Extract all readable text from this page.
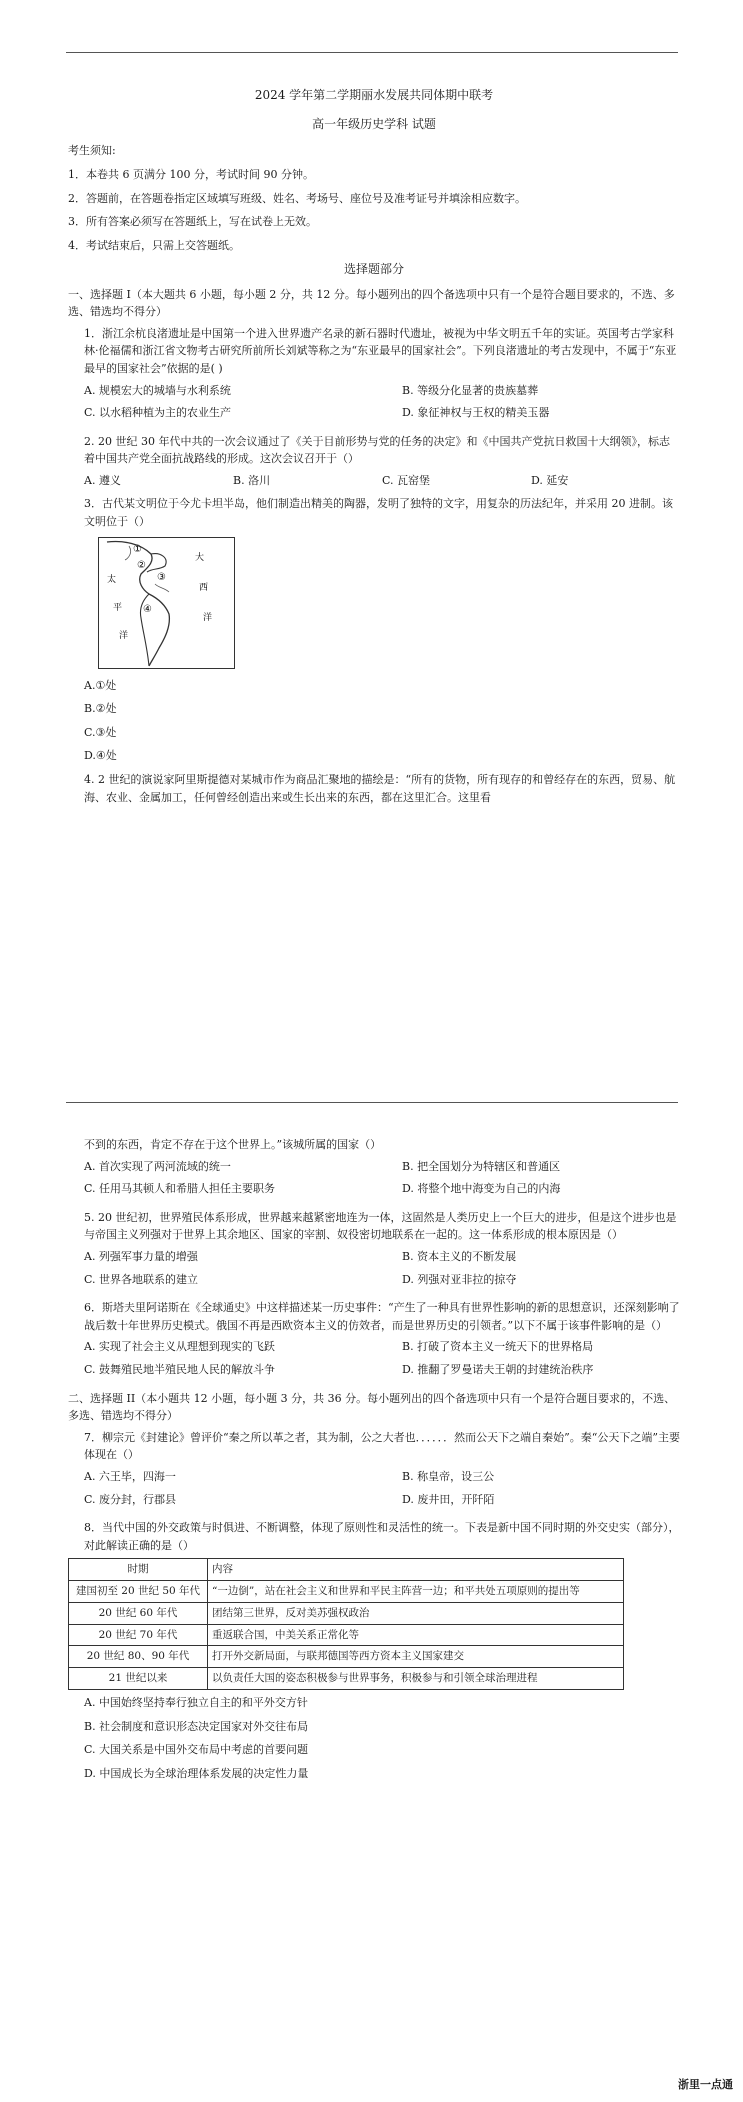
2024 学年第二学期丽水发展共同体期中联考

高一年级历史学科 试题

考生须知:

1．本卷共 6 页满分 100 分，考试时间 90 分钟。

2．答题前，在答题卷指定区域填写班级、姓名、考场号、座位号及准考证号并填涂相应数字。

3．所有答案必须写在答题纸上，写在试卷上无效。

4．考试结束后，只需上交答题纸。

选择题部分

一、选择题 I（本大题共 6 小题，每小题 2 分，共 12 分。每小题列出的四个备选项中只有一个是符合题目要求的，不选、多选、错选均不得分）

1．浙江余杭良渚遗址是中国第一个进入世界遗产名录的新石器时代遗址，被视为中华文明五千年的实证。英国考古学家科林·伦福儒和浙江省文物考古研究所前所长刘斌等称之为“东亚最早的国家社会”。下列良渚遗址的考古发现中，不属于“东亚最早的国家社会”依据的是( )

A. 规模宏大的城墙与水利系统	B. 等级分化显著的贵族墓葬
C. 以水稻种植为主的农业生产	D. 象征神权与王权的精美玉器

2. 20 世纪 30 年代中共的一次会议通过了《关于目前形势与党的任务的决定》和《中国共产党抗日救国十大纲领》，标志着中国共产党全面抗战路线的形成。这次会议召开于（）

A. 遵义	B. 洛川	C. 瓦窑堡	D. 延安

3．古代某文明位于今尤卡坦半岛，他们制造出精美的陶器，发明了独特的文字，用复杂的历法纪年，并采用 20 进制。该文明位于（）

大
西
洋
太
平
洋
①
②
③
④
A.①处
B.②处
C.③处
D.④处

4. 2 世纪的演说家阿里斯提德对某城市作为商品汇聚地的描绘是：“所有的货物，所有现存的和曾经存在的东西，贸易、航海、农业、金属加工，任何曾经创造出来或生长出来的东西，都在这里汇合。这里看

不到的东西，肯定不存在于这个世界上。”该城所属的国家（）

A. 首次实现了两河流域的统一	B. 把全国划分为特辖区和普通区
C. 任用马其顿人和希腊人担任主要职务	D. 将整个地中海变为自己的内海

5. 20 世纪初，世界殖民体系形成，世界越来越紧密地连为一体，这固然是人类历史上一个巨大的进步，但是这个进步也是与帝国主义列强对于世界上其余地区、国家的宰割、奴役密切地联系在一起的。这一体系形成的根本原因是（）

A. 列强军事力量的增强	B. 资本主义的不断发展
C. 世界各地联系的建立	D. 列强对亚非拉的掠夺

6．斯塔夫里阿诺斯在《全球通史》中这样描述某一历史事件：“产生了一种具有世界性影响的新的思想意识，还深刻影响了战后数十年世界历史模式。俄国不再是西欧资本主义的仿效者，而是世界历史的引领者。”以下不属于该事件影响的是（）

A. 实现了社会主义从理想到现实的飞跃	B. 打破了资本主义一统天下的世界格局
C. 鼓舞殖民地半殖民地人民的解放斗争	D. 推翻了罗曼诺夫王朝的封建统治秩序

二、选择题 II（本小题共 12 小题，每小题 3 分，共 36 分。每小题列出的四个备选项中只有一个是符合题目要求的，不选、多选、错选均不得分）

7．柳宗元《封建论》曾评价“秦之所以革之者，其为制，公之大者也．．．．．．然而公天下之端自秦始”。秦“公天下之端”主要体现在（）

A. 六王毕，四海一	B. 称皇帝，设三公
C. 废分封，行郡县	D. 废井田，开阡陌

8．当代中国的外交政策与时俱进、不断调整，体现了原则性和灵活性的统一。下表是新中国不同时期的外交史实（部分），对此解读正确的是（）

时期	内容
建国初至 20 世纪 50 年代	“一边倒”，站在社会主义和世界和平民主阵营一边；和平共处五项原则的提出等
20 世纪 60 年代	团结第三世界，反对美苏强权政治
20 世纪 70 年代	重返联合国，中美关系正常化等
20 世纪 80、90 年代	打开外交新局面，与联邦德国等西方资本主义国家建交
21 世纪以来	以负责任大国的姿态积极参与世界事务，积极参与和引领全球治理进程
A. 中国始终坚持奉行独立自主的和平外交方针
B. 社会制度和意识形态决定国家对外交往布局
C. 大国关系是中国外交布局中考虑的首要问题
D. 中国成长为全球治理体系发展的决定性力量
浙里一点通
